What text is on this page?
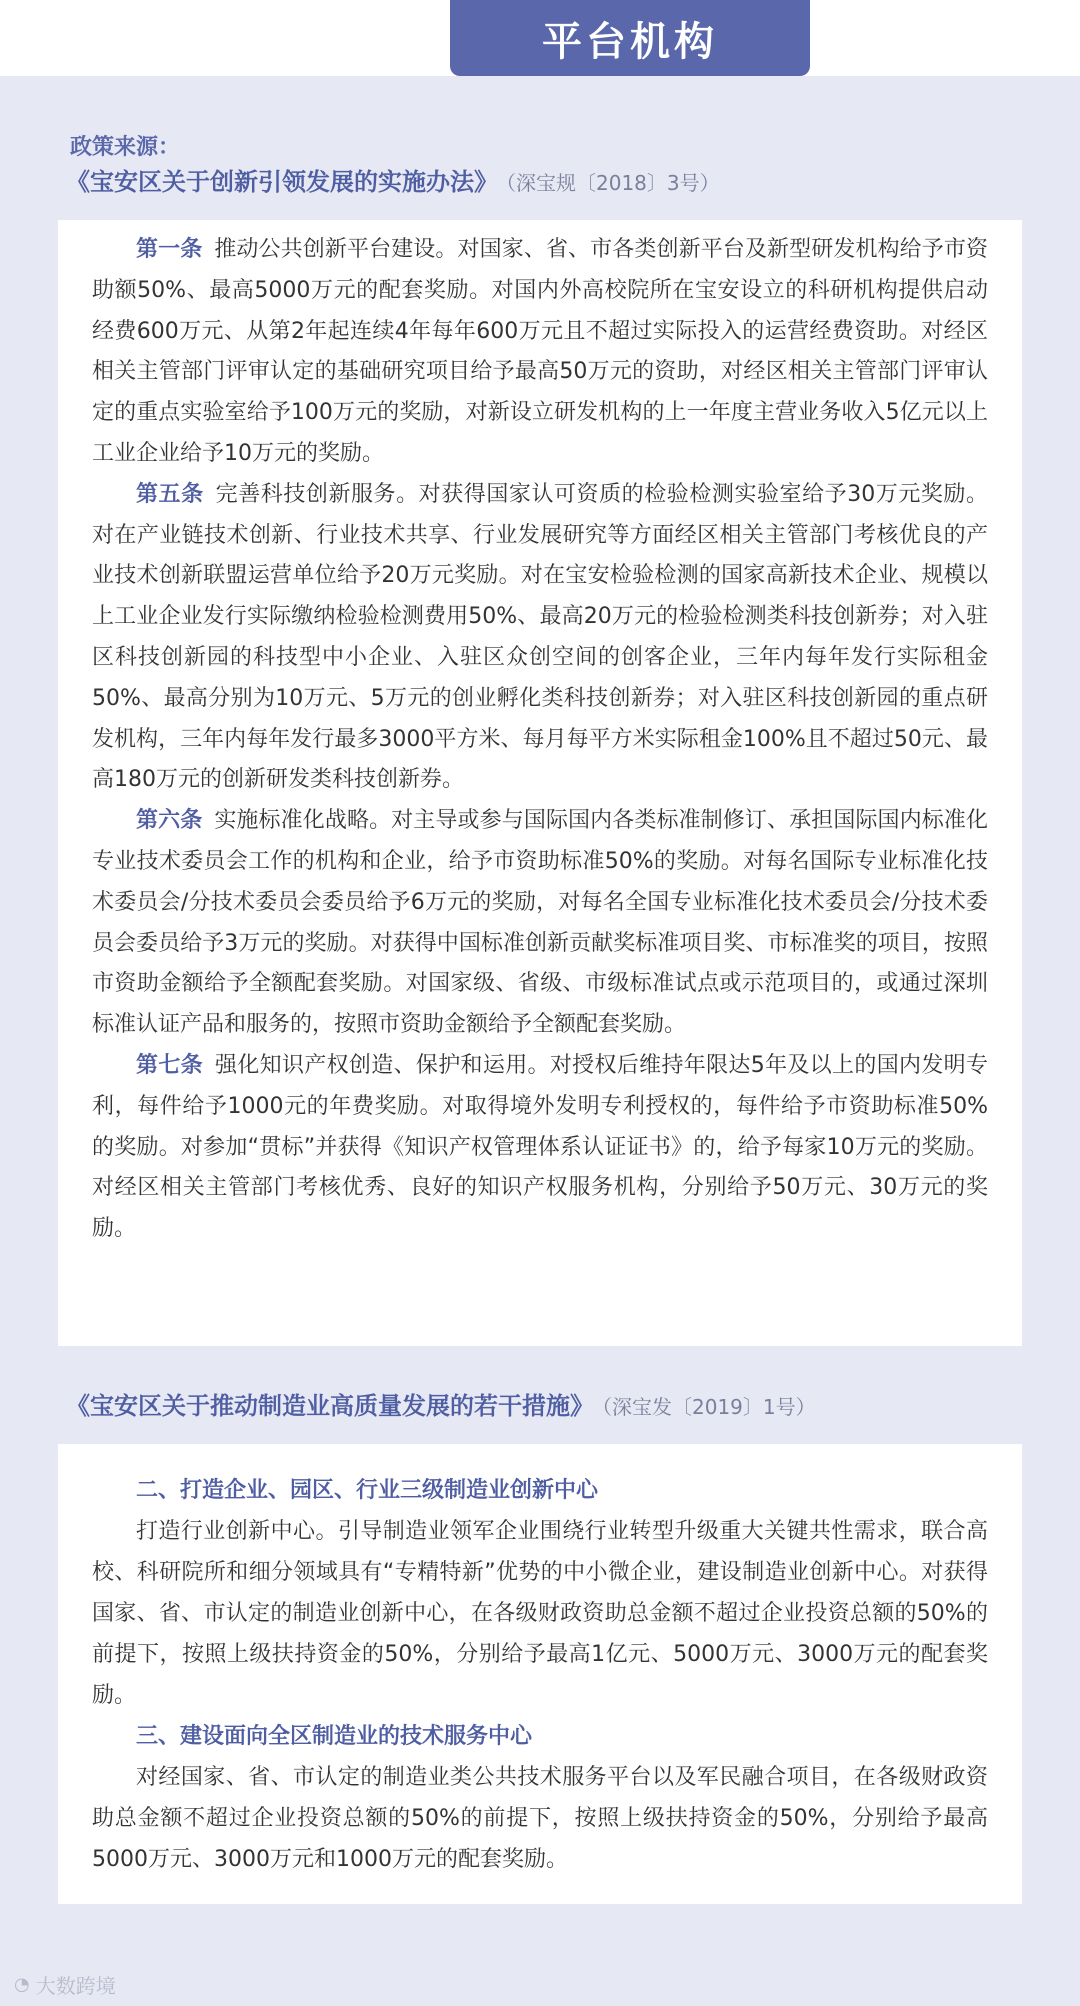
平台机构
政策来源：
《宝安区关于创新引领发展的实施办法》 （深宝规〔2018〕3号）

第一条 推动公共创新平台建设。对国家、省、市各类创新平台及新型研发机构给予市资助额50%、最高5000万元的配套奖励。对国内外高校院所在宝安设立的科研机构提供启动经费600万元、从第2年起连续4年每年600万元且不超过实际投入的运营经费资助。对经区相关主管部门评审认定的基础研究项目给予最高50万元的资助，对经区相关主管部门评审认定的重点实验室给予100万元的奖励，对新设立研发机构的上一年度主营业务收入5亿元以上工业企业给予10万元的奖励。

第五条 完善科技创新服务。对获得国家认可资质的检验检测实验室给予30万元奖励。对在产业链技术创新、行业技术共享、行业发展研究等方面经区相关主管部门考核优良的产业技术创新联盟运营单位给予20万元奖励。对在宝安检验检测的国家高新技术企业、规模以上工业企业发行实际缴纳检验检测费用50%、最高20万元的检验检测类科技创新券；对入驻区科技创新园的科技型中小企业、入驻区众创空间的创客企业，三年内每年发行实际租金50%、最高分别为10万元、5万元的创业孵化类科技创新券；对入驻区科技创新园的重点研发机构，三年内每年发行最多3000平方米、每月每平方米实际租金100%且不超过50元、最高180万元的创新研发类科技创新券。

第六条 实施标准化战略。对主导或参与国际国内各类标准制修订、承担国际国内标准化专业技术委员会工作的机构和企业，给予市资助标准50%的奖励。对每名国际专业标准化技术委员会/分技术委员会委员给予6万元的奖励，对每名全国专业标准化技术委员会/分技术委员会委员给予3万元的奖励。对获得中国标准创新贡献奖标准项目奖、市标准奖的项目，按照市资助金额给予全额配套奖励。对国家级、省级、市级标准试点或示范项目的，或通过深圳标准认证产品和服务的，按照市资助金额给予全额配套奖励。

第七条 强化知识产权创造、保护和运用。对授权后维持年限达5年及以上的国内发明专利，每件给予1000元的年费奖励。对取得境外发明专利授权的，每件给予市资助标准50%的奖励。对参加“贯标”并获得《知识产权管理体系认证证书》的，给予每家10万元的奖励。对经区相关主管部门考核优秀、良好的知识产权服务机构，分别给予50万元、30万元的奖励。

《宝安区关于推动制造业高质量发展的若干措施》 （深宝发〔2019〕1号）

二、打造企业、园区、行业三级制造业创新中心

打造行业创新中心。引导制造业领军企业围绕行业转型升级重大关键共性需求，联合高校、科研院所和细分领域具有“专精特新”优势的中小微企业，建设制造业创新中心。对获得国家、省、市认定的制造业创新中心，在各级财政资助总金额不超过企业投资总额的50%的前提下，按照上级扶持资金的50%，分别给予最高1亿元、5000万元、3000万元的配套奖励。

三、建设面向全区制造业的技术服务中心

对经国家、省、市认定的制造业类公共技术服务平台以及军民融合项目，在各级财政资助总金额不超过企业投资总额的50%的前提下，按照上级扶持资金的50%，分别给予最高5000万元、3000万元和1000万元的配套奖励。

◔ 大数跨境
